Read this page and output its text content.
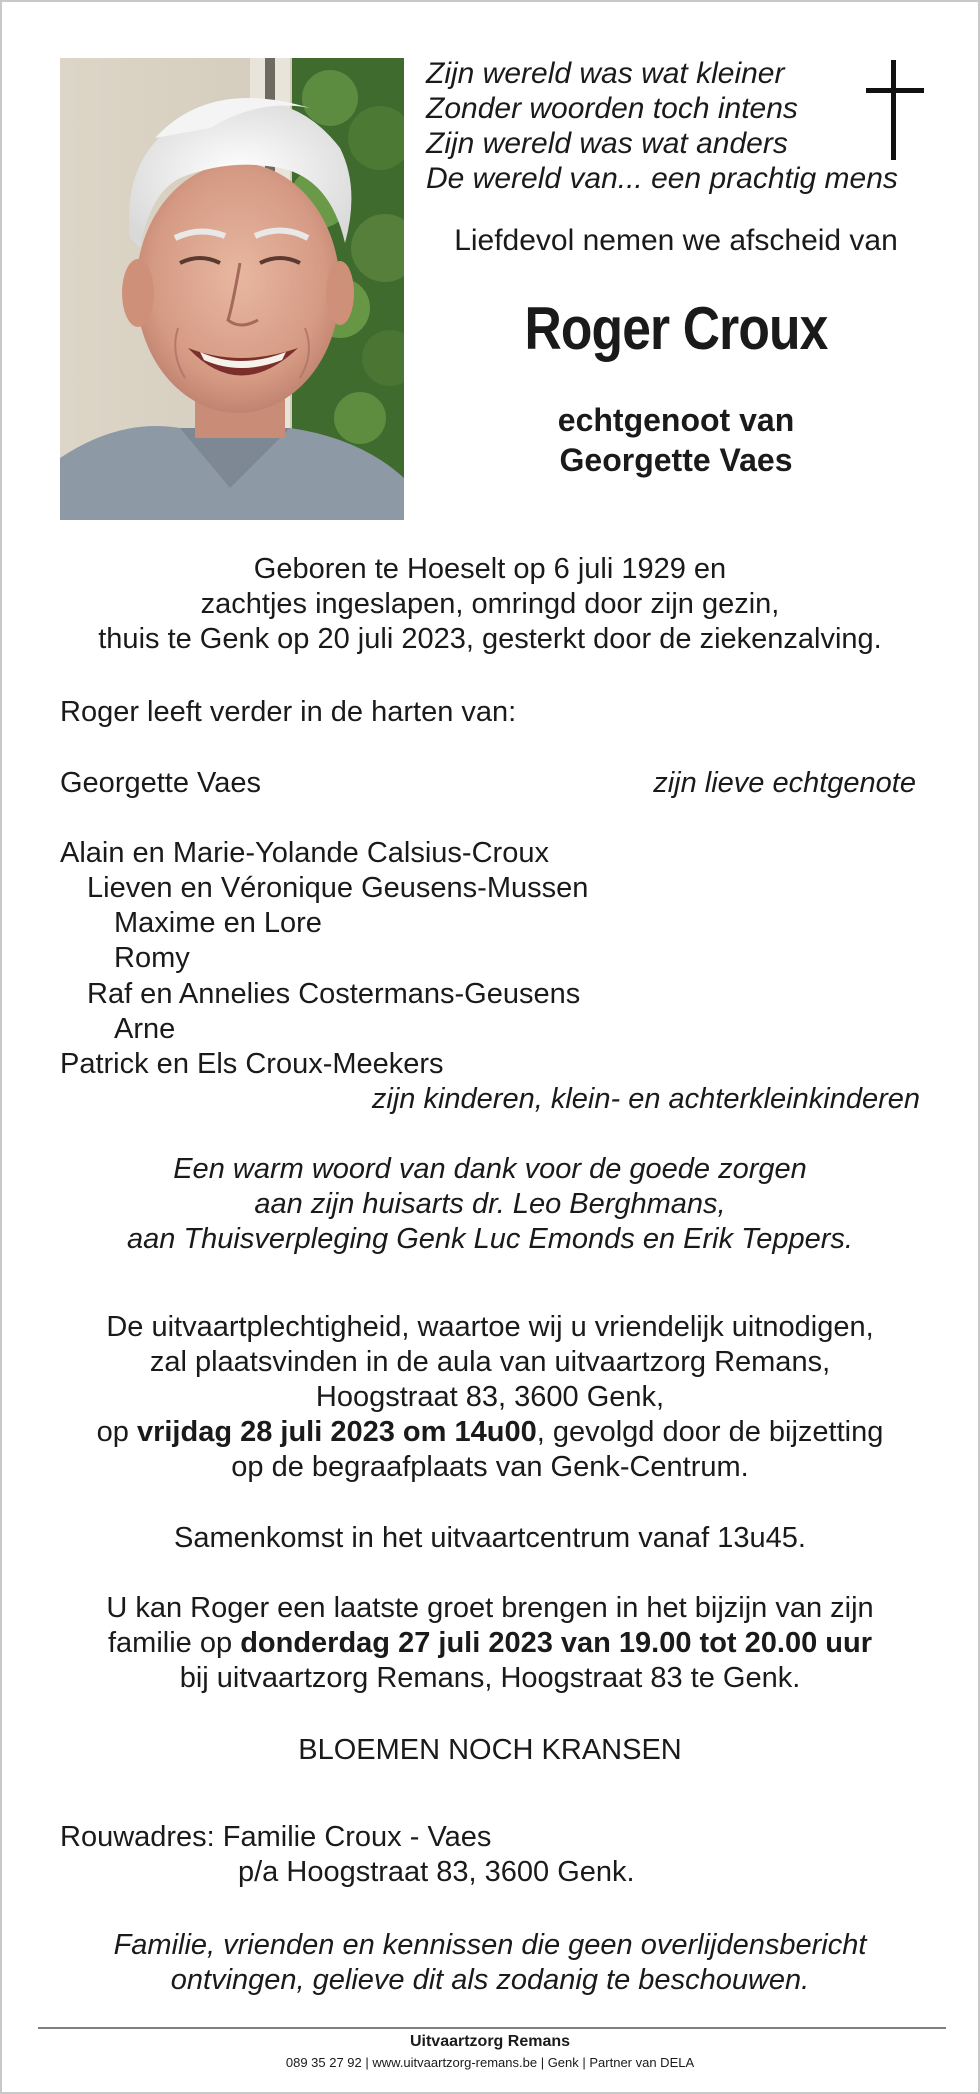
Zijn wereld was wat kleiner
Zonder woorden toch intens
Zijn wereld was wat anders
De wereld van... een prachtig mens
Liefdevol nemen we afscheid van
Roger Croux
echtgenoot van
Georgette Vaes
Geboren te Hoeselt op 6 juli 1929 en
zachtjes ingeslapen, omringd door zijn gezin,
thuis te Genk op 20 juli 2023, gesterkt door de ziekenzalving.
Roger leeft verder in de harten van:
Georgette Vaes	zijn lieve echtgenote
Alain en Marie-Yolande Calsius-Croux
Lieven en Véronique Geusens-Mussen
Maxime en Lore
Romy
Raf en Annelies Costermans-Geusens
Arne
Patrick en Els Croux-Meekers
zijn kinderen, klein- en achterkleinkinderen
Een warm woord van dank voor de goede zorgen
aan zijn huisarts dr. Leo Berghmans,
aan Thuisverpleging Genk Luc Emonds en Erik Teppers.
De uitvaartplechtigheid, waartoe wij u vriendelijk uitnodigen,
zal plaatsvinden in de aula van uitvaartzorg Remans,
Hoogstraat 83, 3600 Genk,
op vrijdag 28 juli 2023 om 14u00, gevolgd door de bijzetting
op de begraafplaats van Genk-Centrum.
Samenkomst in het uitvaartcentrum vanaf 13u45.
U kan Roger een laatste groet brengen in het bijzijn van zijn
familie op donderdag 27 juli 2023 van 19.00 tot 20.00 uur
bij uitvaartzorg Remans, Hoogstraat 83 te Genk.
BLOEMEN NOCH KRANSEN
Rouwadres: Familie Croux - Vaes
p/a Hoogstraat 83, 3600 Genk.
Familie, vrienden en kennissen die geen overlijdensbericht
ontvingen, gelieve dit als zodanig te beschouwen.
Uitvaartzorg Remans
089 35 27 92 | www.uitvaartzorg-remans.be | Genk | Partner van DELA
